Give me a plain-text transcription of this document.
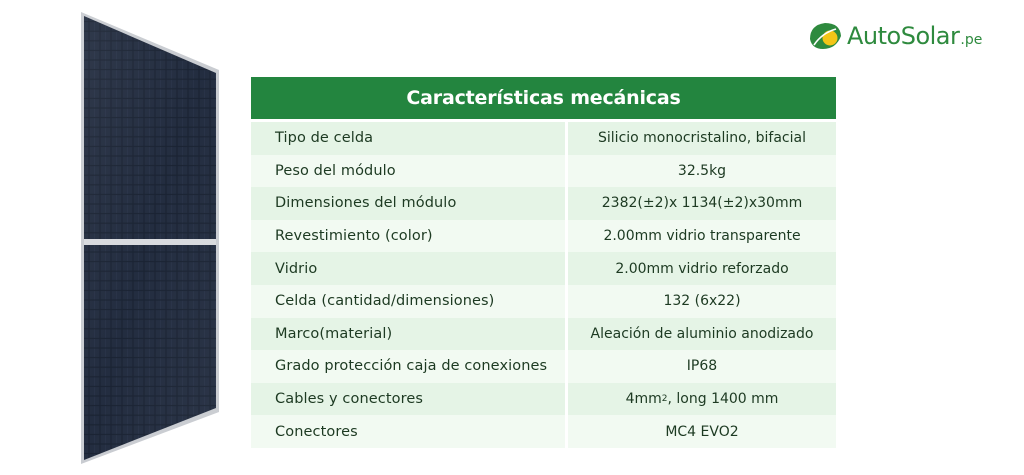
AutoSolar .pe
Características mecánicas
Tipo de celda	Silicio monocristalino, bifacial
Peso del módulo	32.5kg
Dimensiones del módulo	2382(±2)x 1134(±2)x30mm
Revestimiento (color)	2.00mm vidrio transparente
Vidrio	2.00mm vidrio reforzado
Celda (cantidad/dimensiones)	132 (6x22)
Marco(material)	Aleación de aluminio anodizado
Grado protección caja de conexiones	IP68
Cables y conectores	4mm 2 , long 1400 mm
Conectores	MC4 EVO2
